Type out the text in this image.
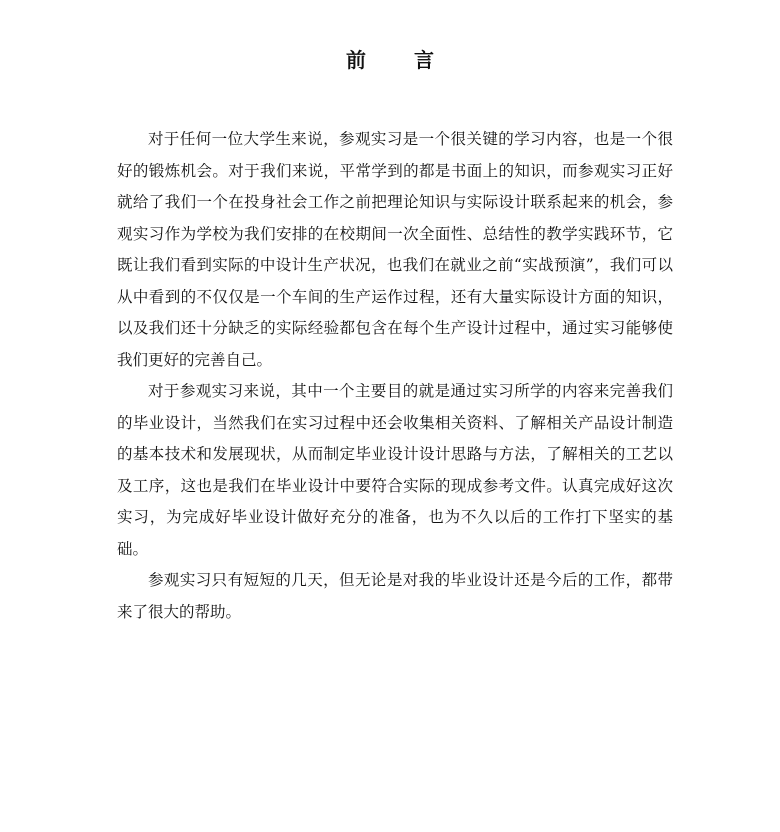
前言

对于任何一位大学生来说，参观实习是一个很关键的学习内容，也是一个很好的锻炼机会。对于我们来说，平常学到的都是书面上的知识，而参观实习正好就给了我们一个在投身社会工作之前把理论知识与实际设计联系起来的机会，参观实习作为学校为我们安排的在校期间一次全面性、总结性的教学实践环节，它既让我们看到实际的中设计生产状况，也我们在就业之前“实战预演”，我们可以从中看到的不仅仅是一个车间的生产运作过程，还有大量实际设计方面的知识，以及我们还十分缺乏的实际经验都包含在每个生产设计过程中，通过实习能够使我们更好的完善自己。

对于参观实习来说，其中一个主要目的就是通过实习所学的内容来完善我们的毕业设计，当然我们在实习过程中还会收集相关资料、了解相关产品设计制造的基本技术和发展现状，从而制定毕业设计设计思路与方法，了解相关的工艺以及工序，这也是我们在毕业设计中要符合实际的现成参考文件。认真完成好这次实习，为完成好毕业设计做好充分的准备，也为不久以后的工作打下坚实的基础。

参观实习只有短短的几天，但无论是对我的毕业设计还是今后的工作，都带来了很大的帮助。
